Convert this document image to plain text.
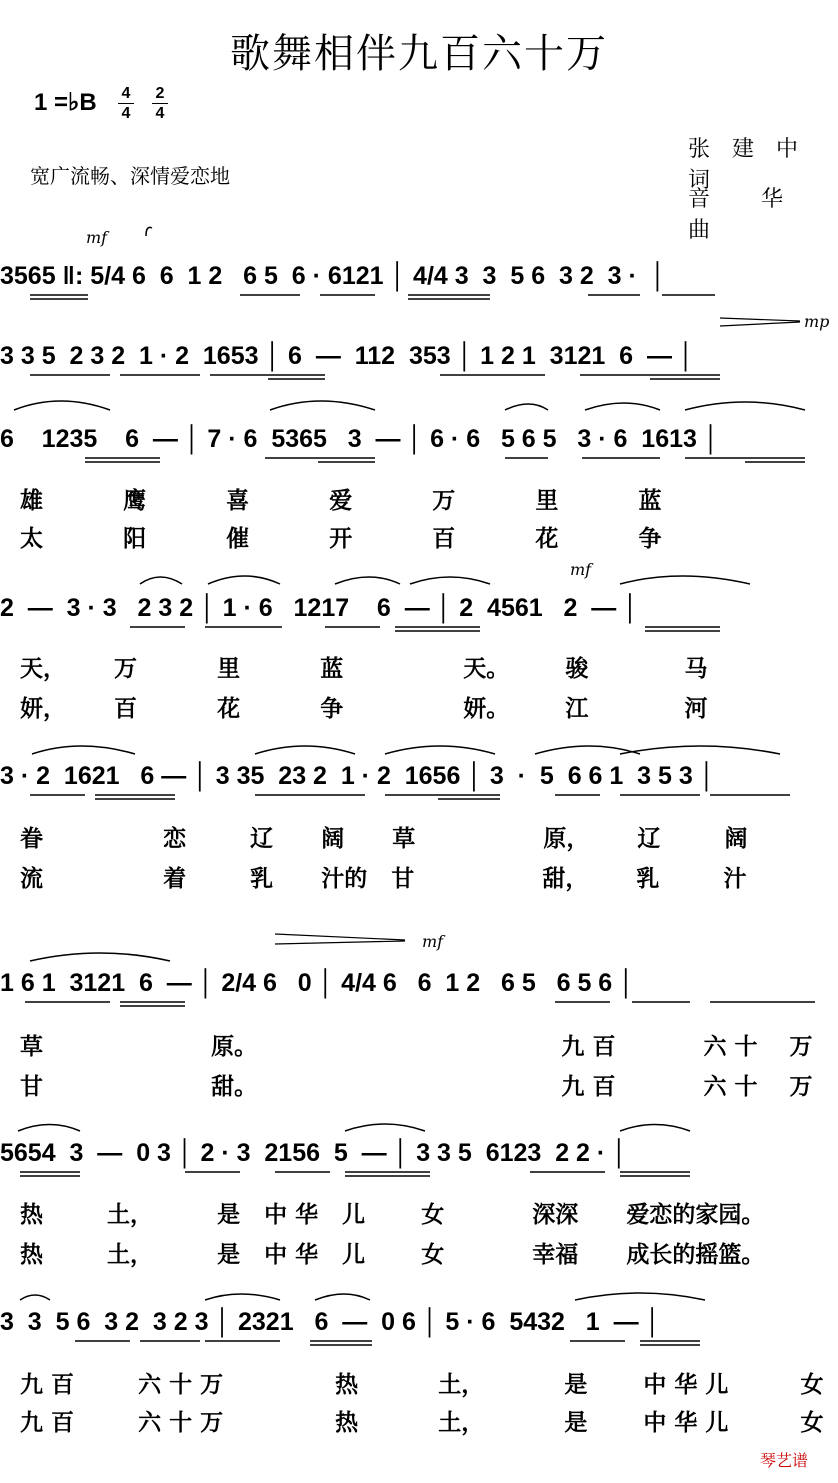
歌舞相伴九百六十万
1 =♭B 4
4
2
4
宽广流畅、深情爱恋地
张建中 词
音 华 曲
mf
mp
mf
mf
3565 ‖: 5/4 6  6  1 2   6 5  6 · 6121 │ 4/4 3  3  5 6  3 2  3 ·  │
3 3 5  2 3 2  1 · 2  1653 │ 6  —  112  353 │ 1 2 1  3121  6  — │
6    1235    6  — │ 7 · 6  5365   3  — │ 6 · 6   5 6 5   3 · 6  1613 │
2  —  3 · 3   2 3 2 │ 1 · 6   1217    6  — │ 2  4561   2  — │
3 · 2  1621   6 — │ 3 35  23 2  1 · 2  1656 │ 3  ·  5  6 6 1  3 5 3 │
1 6 1  3121  6  — │ 2/4 6   0 │ 4/4 6   6  1 2   6 5   6 5 6 │
5654  3  —  0 3 │ 2 · 3  2156  5  — │ 3 3 5  6123  2 2 · │
3  3  5 6  3 2  3 2 3 │ 2321   6  —  0 6 │ 5 · 6  5432   1  — │
雄          鹰          喜          爱          万          里          蓝
太          阳          催          开          百          花          争
天，      万          里          蓝               天。       骏            马
妍，      百          花          争               妍。       江            河
眷               恋        辽      阔      草                原，      辽        阔
流               着        乳      汁的   甘                甜，      乳        汁
草                     原。                                      九 百           六 十    万
甘                     甜。                                      九 百           六 十    万
热        土，        是   中 华   儿       女           深深      爱恋的家园。
热        土，        是   中 华   儿       女           幸福      成长的摇篮。
九 百        六 十 万              热          土，          是       中 华 儿         女
九 百        六 十 万              热          土，          是       中 华 儿         女
琴艺谱
